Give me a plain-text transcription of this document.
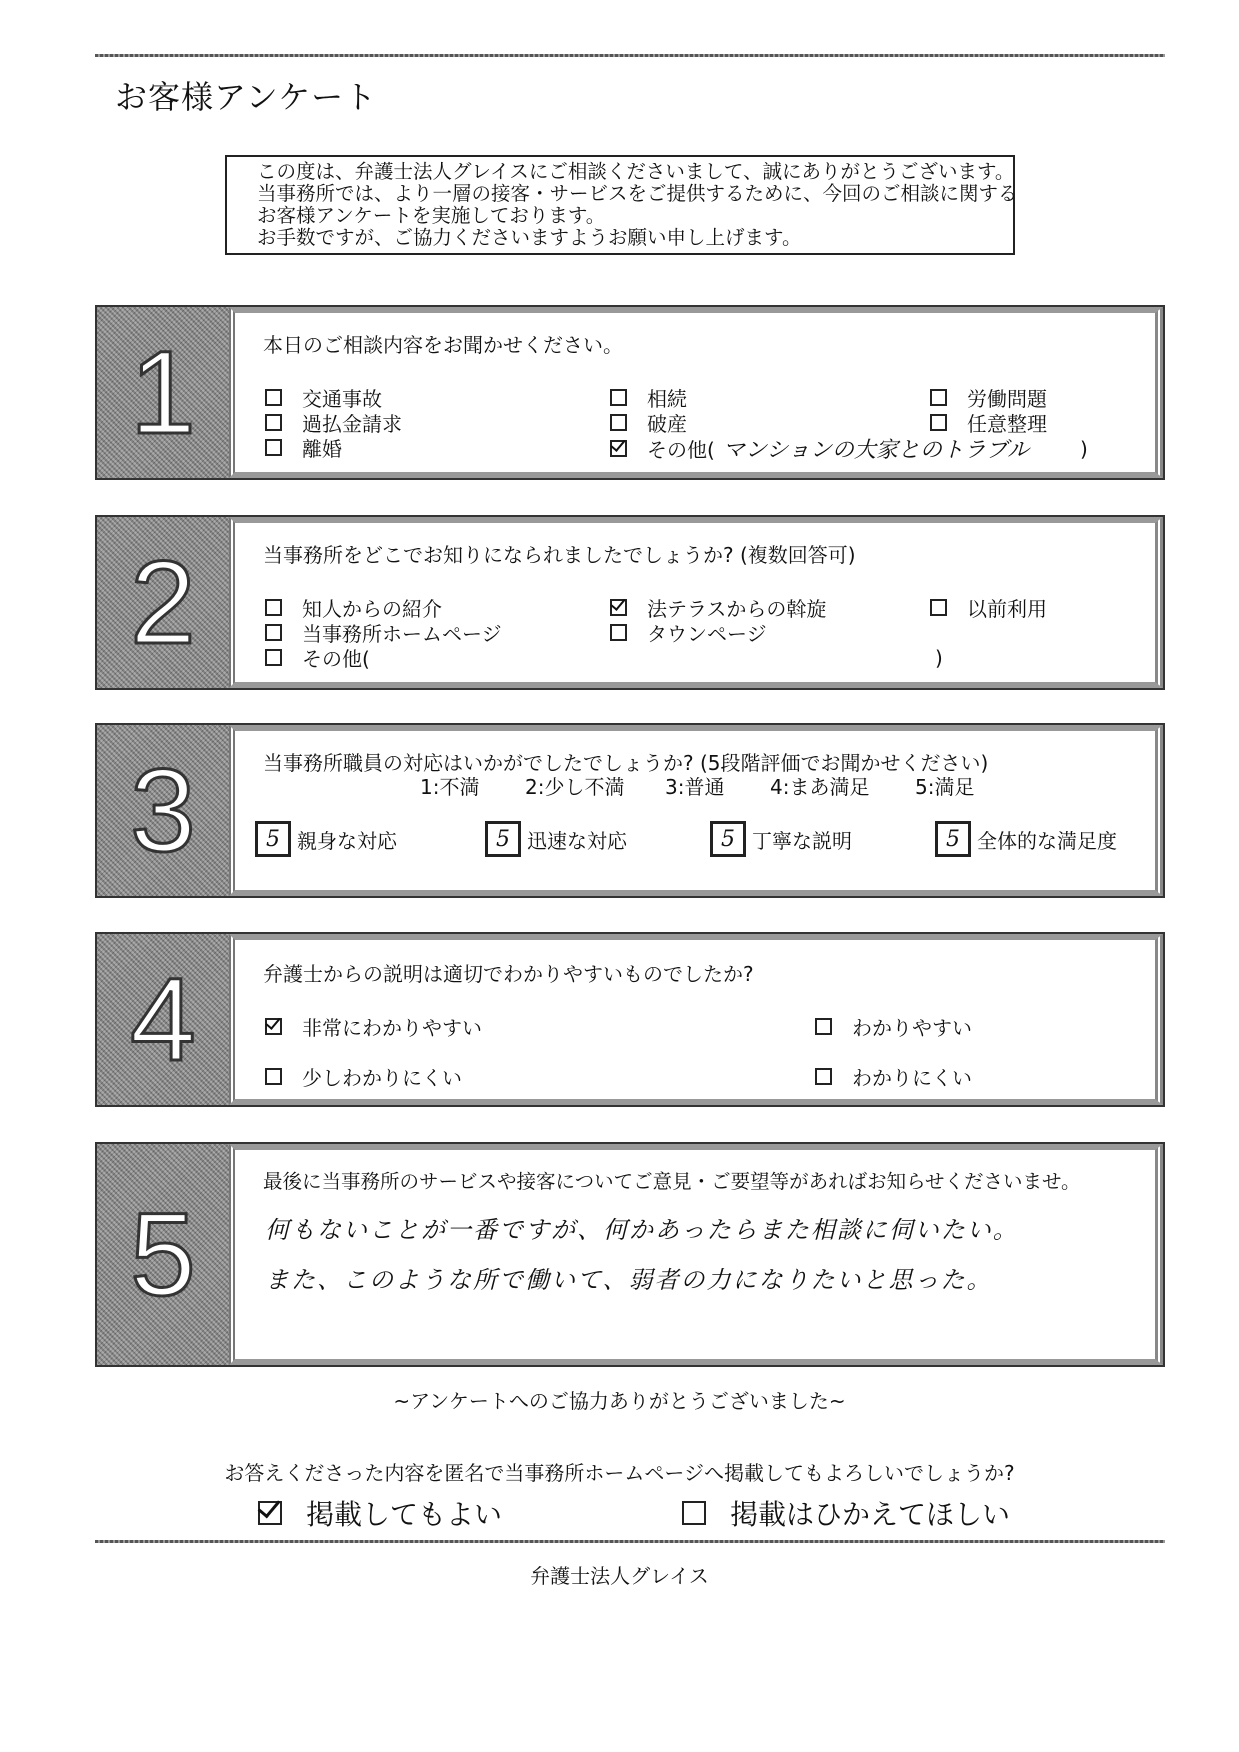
お客様アンケート
この度は、弁護士法人グレイスにご相談くださいまして、誠にありがとうございます。
当事務所では、より一層の接客・サービスをご提供するために、今回のご相談に関する
お客様アンケートを実施しております。
お手数ですが、ご協力くださいますようお願い申し上げます。
1	本日のご相談内容をお聞かせください。
交通事故
過払金請求
離婚
相続
破産
その他( マンションの大家とのトラブル	)
労働問題
任意整理
2	当事務所をどこでお知りになられましたでしょうか? (複数回答可)
知人からの紹介
当事務所ホームページ
その他(	)
法テラスからの斡旋
タウンページ
以前利用
3	当事務所職員の対応はいかがでしたでしょうか? (5段階評価でお聞かせください)
1:不満 2:少し不満 3:普通 4:まあ満足 5:満足
5 親身な対応	5 迅速な対応	5 丁寧な説明	5 全体的な満足度
4	弁護士からの説明は適切でわかりやすいものでしたか?
非常にわかりやすい	わかりやすい
少しわかりにくい	わかりにくい
5
最後に当事務所のサービスや接客についてご意見・ご要望等があればお知らせくださいませ。
何もないことが一番ですが、何かあったらまた相談に伺いたい。
また、このような所で働いて、弱者の力になりたいと思った。
~アンケートへのご協力ありがとうございました~
お答えくださった内容を匿名で当事務所ホームページへ掲載してもよろしいでしょうか?
掲載してもよい	掲載はひかえてほしい
弁護士法人グレイス
